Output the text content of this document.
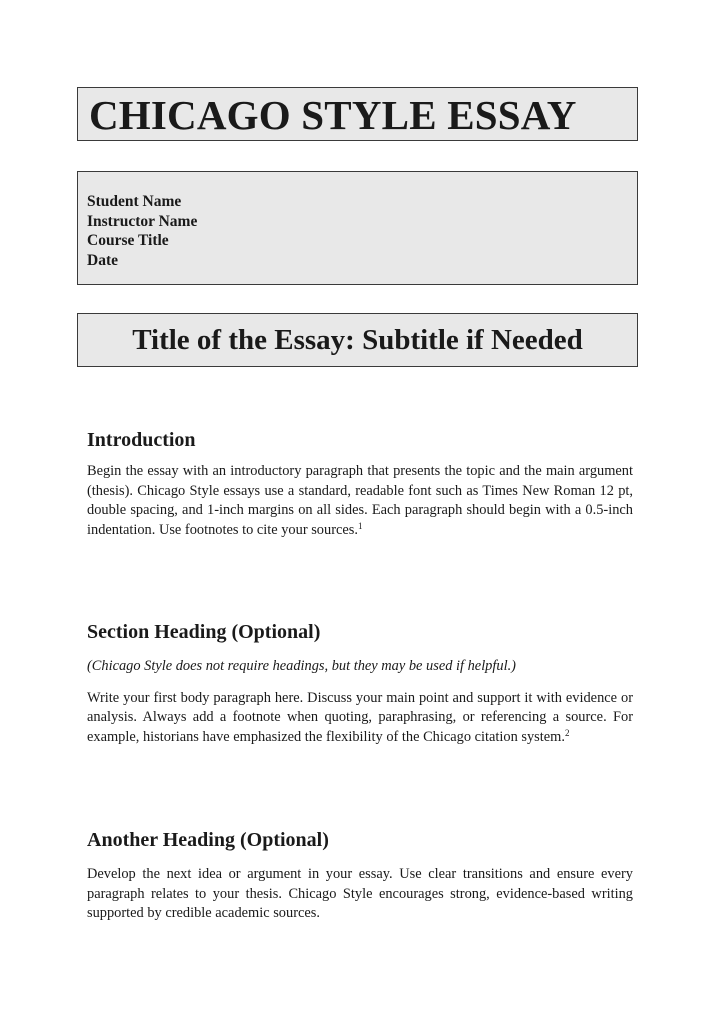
CHICAGO STYLE ESSAY
Student Name
Instructor Name
Course Title
Date
Title of the Essay: Subtitle if Needed
Introduction

Begin the essay with an introductory paragraph that presents the topic and the main argument (thesis). Chicago Style essays use a standard, readable font such as Times New Roman 12 pt, double spacing, and 1-inch margins on all sides. Each paragraph should begin with a 0.5-inch indentation. Use footnotes to cite your sources.$^1$

Section Heading (Optional)

(Chicago Style does not require headings, but they may be used if helpful.)

Write your first body paragraph here. Discuss your main point and support it with evidence or analysis. Always add a footnote when quoting, paraphrasing, or referencing a source. For example, historians have emphasized the flexibility of the Chicago citation system.$^2$

Another Heading (Optional)

Develop the next idea or argument in your essay. Use clear transitions and ensure every paragraph relates to your thesis. Chicago Style encourages strong, evidence-based writing supported by credible academic sources.
